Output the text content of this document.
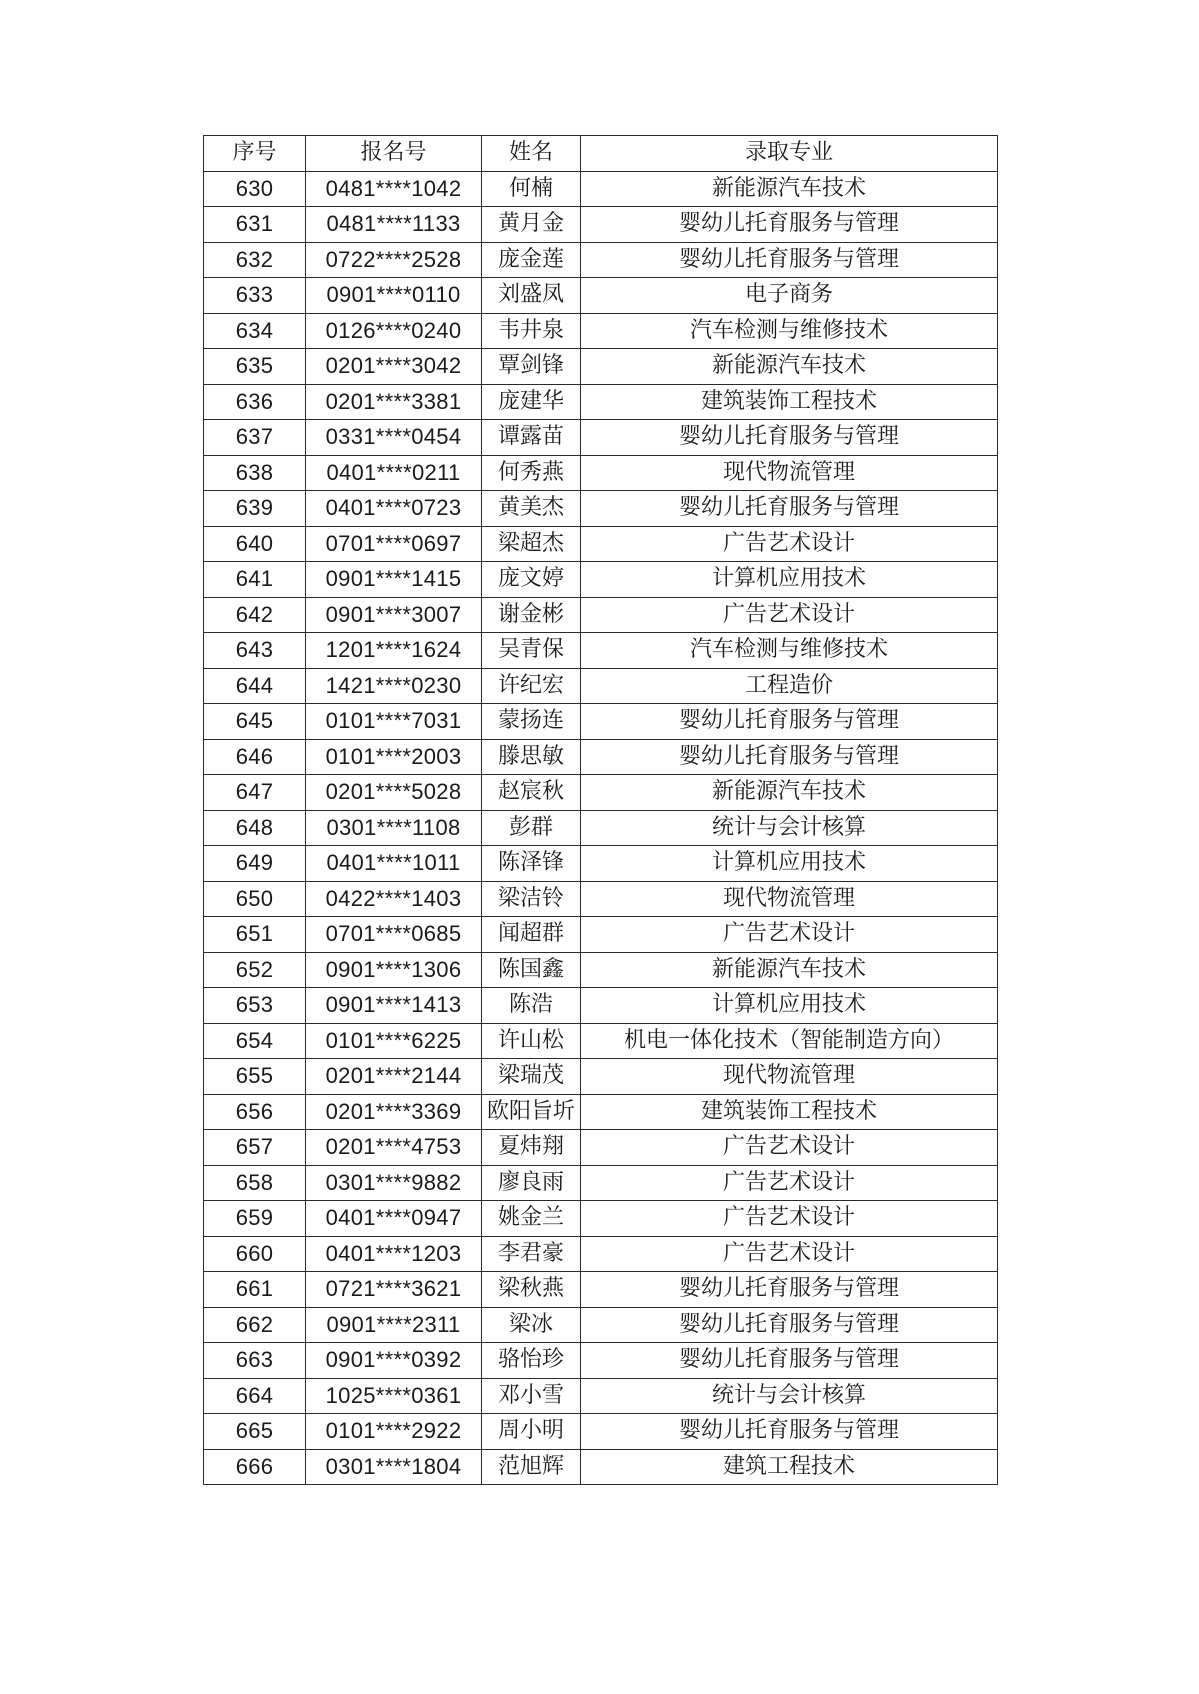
序号	报名号	姓名	录取专业
630	0481****1042	何楠	新能源汽车技术
631	0481****1133	黄月金	婴幼儿托育服务与管理
632	0722****2528	庞金莲	婴幼儿托育服务与管理
633	0901****0110	刘盛凤	电子商务
634	0126****0240	韦井泉	汽车检测与维修技术
635	0201****3042	覃剑锋	新能源汽车技术
636	0201****3381	庞建华	建筑装饰工程技术
637	0331****0454	谭露苗	婴幼儿托育服务与管理
638	0401****0211	何秀燕	现代物流管理
639	0401****0723	黄美杰	婴幼儿托育服务与管理
640	0701****0697	梁超杰	广告艺术设计
641	0901****1415	庞文婷	计算机应用技术
642	0901****3007	谢金彬	广告艺术设计
643	1201****1624	吴青保	汽车检测与维修技术
644	1421****0230	许纪宏	工程造价
645	0101****7031	蒙扬连	婴幼儿托育服务与管理
646	0101****2003	滕思敏	婴幼儿托育服务与管理
647	0201****5028	赵宸秋	新能源汽车技术
648	0301****1108	彭群	统计与会计核算
649	0401****1011	陈泽锋	计算机应用技术
650	0422****1403	梁洁铃	现代物流管理
651	0701****0685	闻超群	广告艺术设计
652	0901****1306	陈国鑫	新能源汽车技术
653	0901****1413	陈浩	计算机应用技术
654	0101****6225	许山松	机电一体化技术（智能制造方向）
655	0201****2144	梁瑞茂	现代物流管理
656	0201****3369	欧阳旨圻	建筑装饰工程技术
657	0201****4753	夏炜翔	广告艺术设计
658	0301****9882	廖良雨	广告艺术设计
659	0401****0947	姚金兰	广告艺术设计
660	0401****1203	李君豪	广告艺术设计
661	0721****3621	梁秋燕	婴幼儿托育服务与管理
662	0901****2311	梁冰	婴幼儿托育服务与管理
663	0901****0392	骆怡珍	婴幼儿托育服务与管理
664	1025****0361	邓小雪	统计与会计核算
665	0101****2922	周小明	婴幼儿托育服务与管理
666	0301****1804	范旭辉	建筑工程技术
